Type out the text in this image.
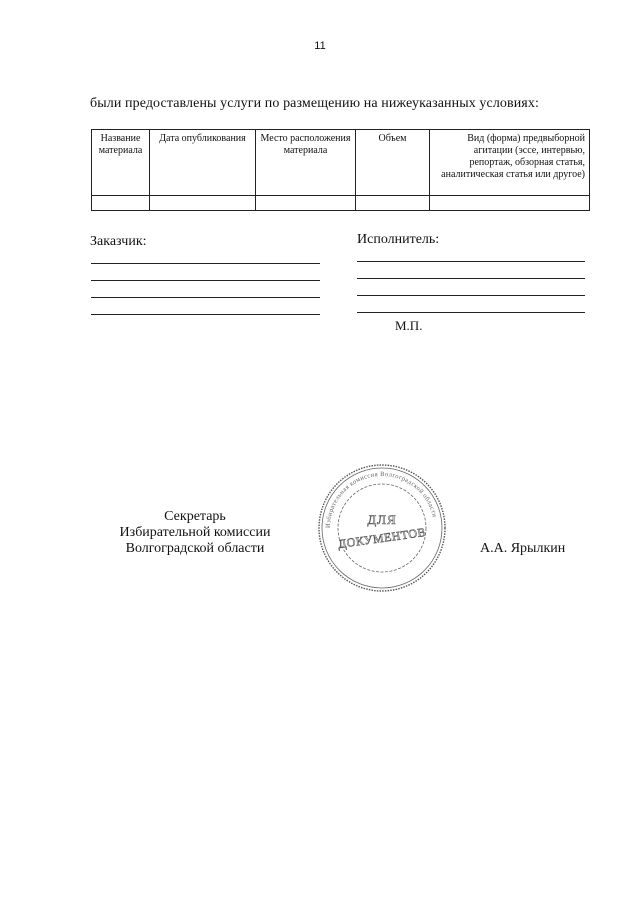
11
были предоставлены услуги по размещению на нижеуказанных условиях:
Название материала	Дата опубликования	Место расположения материала	Объем	Вид (форма) предвыборной агитации (эссе, интервью, репортаж, обзорная статья, аналитическая статья или другое)

Заказчик:	Исполнитель:
М.П.
Секретарь
Избирательной комиссии
Волгоградской области
Избирательная комиссия Волгоградской области
ДЛЯ
ДОКУМЕНТОВ	А.А. Ярылкин
